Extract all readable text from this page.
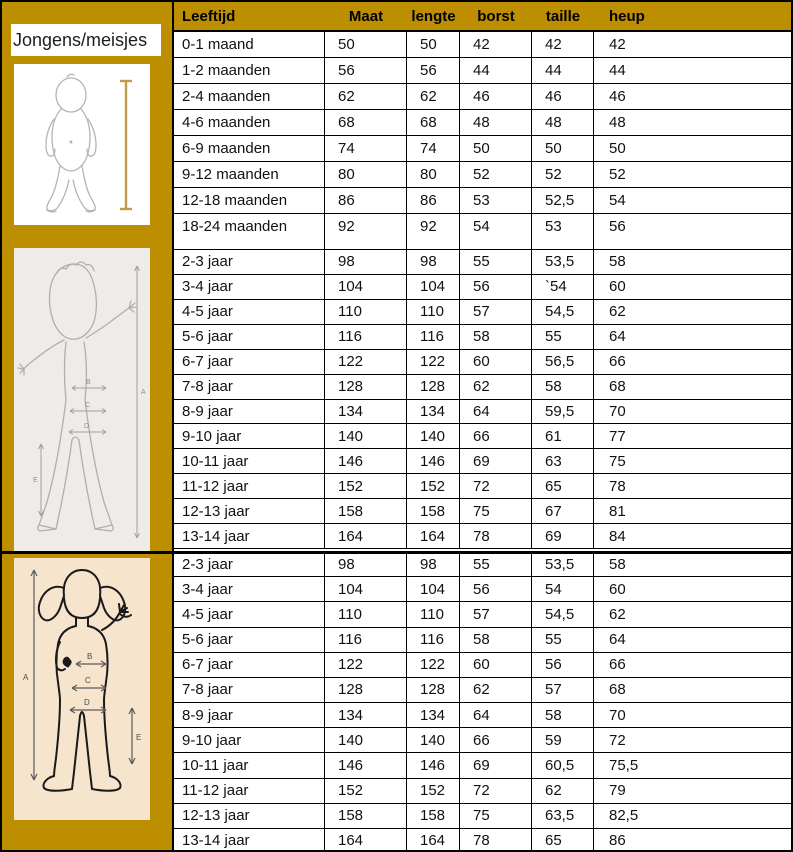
Jongens/meisjes
A
B
C
D
E
A
B
C
D
E
Leeftijd	Maat	lengte	borst	taille	heup
0-1 maand	50	50	42	42	42
1-2 maanden	56	56	44	44	44
2-4 maanden	62	62	46	46	46
4-6 maanden	68	68	48	48	48
6-9 maanden	74	74	50	50	50
9-12 maanden	80	80	52	52	52
12-18 maanden	86	86	53	52,5	54
18-24 maanden	92	92	54	53	56
2-3 jaar	98	98	55	53,5	58
3-4 jaar	104	104	56	`54	60
4-5 jaar	110	110	57	54,5	62
5-6 jaar	116	116	58	55	64
6-7 jaar	122	122	60	56,5	66
7-8 jaar	128	128	62	58	68
8-9 jaar	134	134	64	59,5	70
9-10 jaar	140	140	66	61	77
10-11 jaar	146	146	69	63	75
11-12 jaar	152	152	72	65	78
12-13 jaar	158	158	75	67	81
13-14 jaar	164	164	78	69	84
2-3 jaar	98	98	55	53,5	58
3-4 jaar	104	104	56	54	60
4-5 jaar	110	110	57	54,5	62
5-6 jaar	116	116	58	55	64
6-7 jaar	122	122	60	56	66
7-8 jaar	128	128	62	57	68
8-9 jaar	134	134	64	58	70
9-10 jaar	140	140	66	59	72
10-11 jaar	146	146	69	60,5	75,5
11-12 jaar	152	152	72	62	79
12-13 jaar	158	158	75	63,5	82,5
13-14 jaar	164	164	78	65	86
